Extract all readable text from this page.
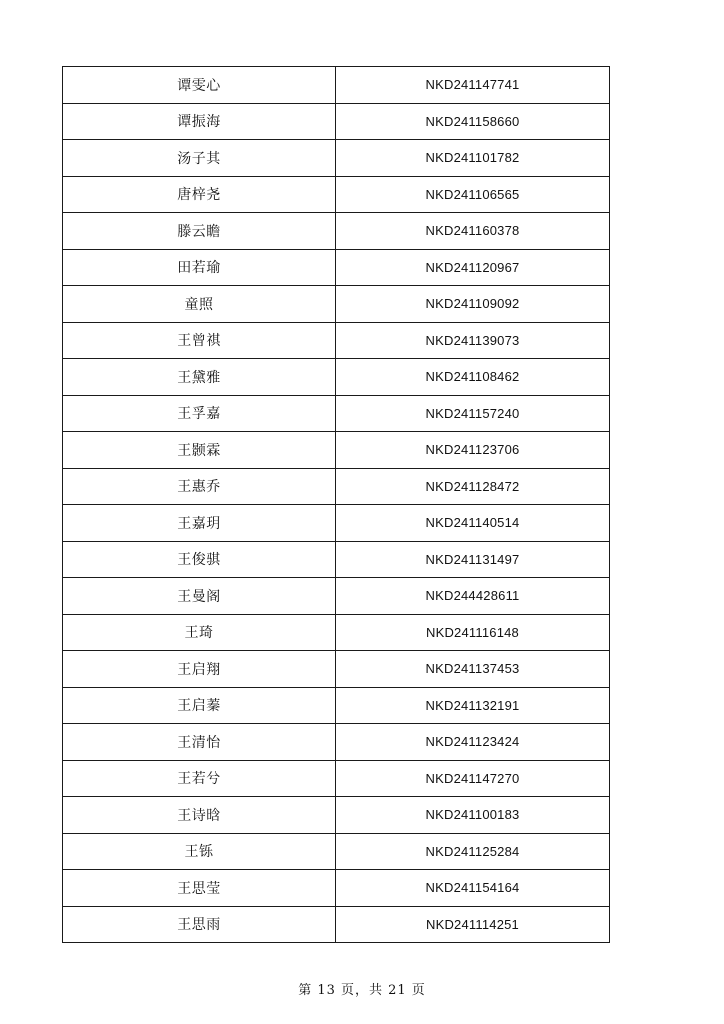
谭雯心	NKD241147741
谭振海	NKD241158660
汤子其	NKD241101782
唐梓尧	NKD241106565
滕云瞻	NKD241160378
田若瑜	NKD241120967
童照	NKD241109092
王曾祺	NKD241139073
王黛雅	NKD241108462
王孚嘉	NKD241157240
王颢霖	NKD241123706
王惠乔	NKD241128472
王嘉玥	NKD241140514
王俊骐	NKD241131497
王曼阁	NKD244428611
王琦	NKD241116148
王启翔	NKD241137453
王启蓁	NKD241132191
王清怡	NKD241123424
王若兮	NKD241147270
王诗晗	NKD241100183
王铄	NKD241125284
王思莹	NKD241154164
王思雨	NKD241114251
第 13 页，共 21 页
